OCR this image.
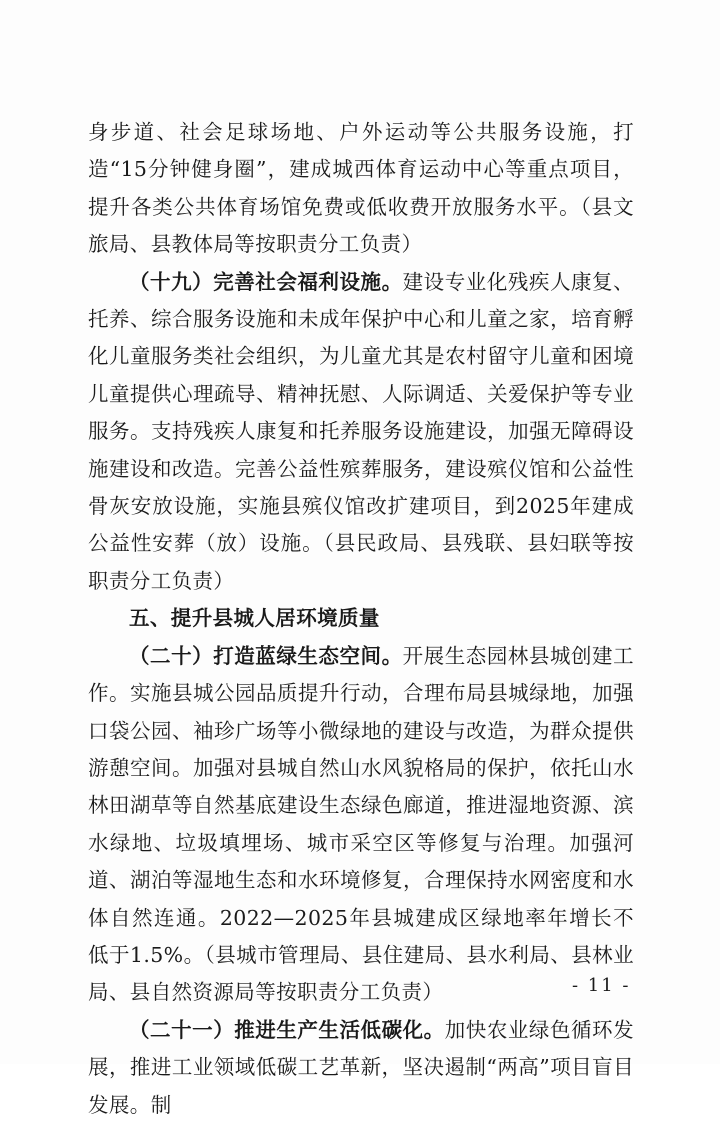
身步道、社会足球场地、户外运动等公共服务设施，打造“15分钟健身圈”，建成城西体育运动中心等重点项目，提升各类公共体育场馆免费或低收费开放服务水平。（县文旅局、县教体局等按职责分工负责）

（十九）完善社会福利设施。建设专业化残疾人康复、托养、综合服务设施和未成年保护中心和儿童之家，培育孵化儿童服务类社会组织，为儿童尤其是农村留守儿童和困境儿童提供心理疏导、精神抚慰、人际调适、关爱保护等专业服务。支持残疾人康复和托养服务设施建设，加强无障碍设施建设和改造。完善公益性殡葬服务，建设殡仪馆和公益性骨灰安放设施，实施县殡仪馆改扩建项目，到2025年建成公益性安葬（放）设施。（县民政局、县残联、县妇联等按职责分工负责）

五、提升县城人居环境质量

（二十）打造蓝绿生态空间。开展生态园林县城创建工作。实施县城公园品质提升行动，合理布局县城绿地，加强口袋公园、袖珍广场等小微绿地的建设与改造，为群众提供游憩空间。加强对县城自然山水风貌格局的保护，依托山水林田湖草等自然基底建设生态绿色廊道，推进湿地资源、滨水绿地、垃圾填埋场、城市采空区等修复与治理。加强河道、湖泊等湿地生态和水环境修复，合理保持水网密度和水体自然连通。2022—2025年县城建成区绿地率年增长不低于1.5%。（县城市管理局、县住建局、县水利局、县林业局、县自然资源局等按职责分工负责）

（二十一）推进生产生活低碳化。加快农业绿色循环发展，推进工业领域低碳工艺革新，坚决遏制“两高”项目盲目发展。制

- 11 -
